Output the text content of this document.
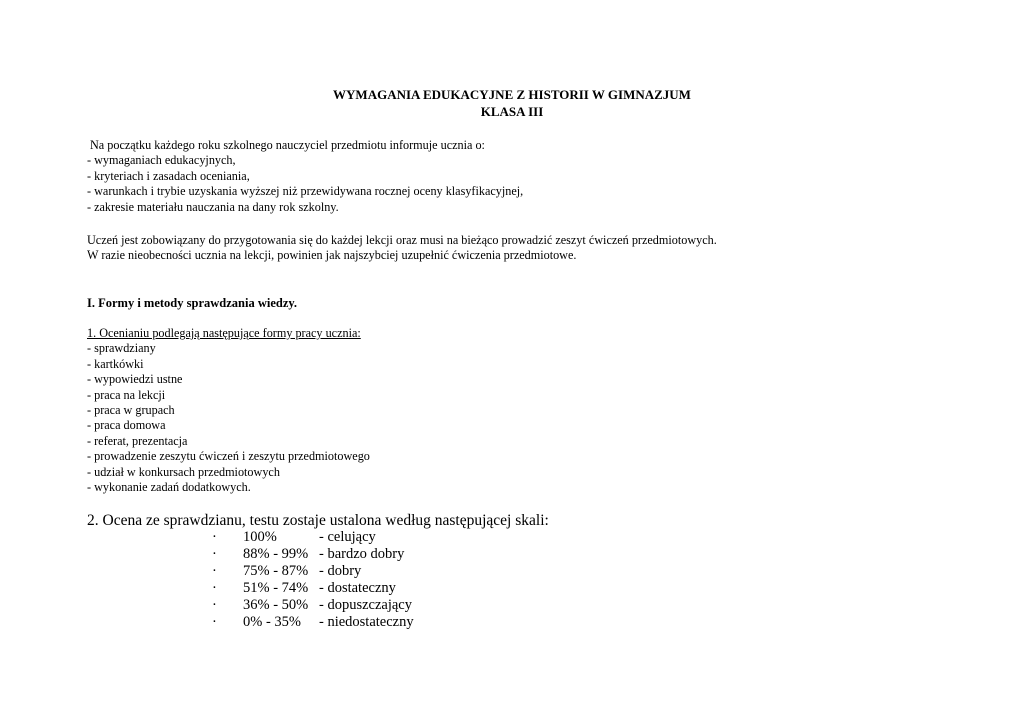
WYMAGANIA EDUKACYJNE Z HISTORII W GIMNAZJUM
KLASA III
Na początku każdego roku szkolnego nauczyciel przedmiotu informuje ucznia o:
- wymaganiach edukacyjnych,
- kryteriach i zasadach oceniania,
- warunkach i trybie uzyskania wyższej niż przewidywana rocznej oceny klasyfikacyjnej,
- zakresie materiału nauczania na dany rok szkolny.
Uczeń jest zobowiązany do przygotowania się do każdej lekcji oraz musi na bieżąco prowadzić zeszyt ćwiczeń przedmiotowych.
W razie nieobecności ucznia na lekcji, powinien jak najszybciej uzupełnić ćwiczenia przedmiotowe.
I. Formy i metody sprawdzania wiedzy.
1. Ocenianiu podlegają następujące formy pracy ucznia:
- sprawdziany
- kartkówki
- wypowiedzi ustne
- praca na lekcji
- praca w grupach
- praca domowa
- referat, prezentacja
- prowadzenie zeszytu ćwiczeń i zeszytu przedmiotowego
- udział w konkursach przedmiotowych
- wykonanie zadań dodatkowych.
2. Ocena ze sprawdzianu, testu zostaje ustalona według następującej skali:
·	100%	- celujący
·	88% - 99% - bardzo dobry
·	75% - 87% - dobry
·	51% - 74% - dostateczny
·	36% - 50% - dopuszczający
·	0% - 35%	- niedostateczny
